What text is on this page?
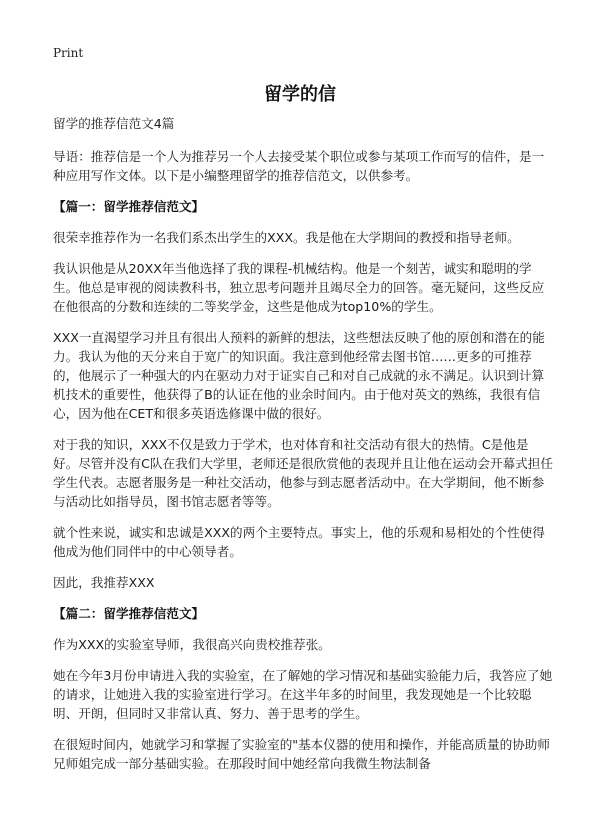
Print
留学的信

留学的推荐信范文4篇

导语：推荐信是一个人为推荐另一个人去接受某个职位或参与某项工作而写的信件，是一种应用写作文体。以下是小编整理留学的推荐信范文，以供参考。

【篇一：留学推荐信范文】

很荣幸推荐作为一名我们系杰出学生的XXX。我是他在大学期间的教授和指导老师。

我认识他是从20XX年当他选择了我的课程-机械结构。他是一个刻苦，诚实和聪明的学生。他总是审视的阅读教科书，独立思考问题并且竭尽全力的回答。毫无疑问，这些反应在他很高的分数和连续的二等奖学金，这些是他成为top10%的学生。

XXX一直渴望学习并且有很出人预料的新鲜的想法，这些想法反映了他的原创和潜在的能力。我认为他的天分来自于宽广的知识面。我注意到他经常去图书馆……更多的可推荐的，他展示了一种强大的内在驱动力对于证实自己和对自己成就的永不满足。认识到计算机技术的重要性，他获得了B的认证在他的业余时间内。由于他对英文的熟练，我很有信心，因为他在CET和很多英语选修课中做的很好。

对于我的知识，XXX不仅是致力于学术，也对体育和社交活动有很大的热情。C是他是好。尽管并没有C队在我们大学里，老师还是很欣赏他的表现并且让他在运动会开幕式担任学生代表。志愿者服务是一种社交活动，他参与到志愿者活动中。在大学期间，他不断参与活动比如指导员，图书馆志愿者等等。

就个性来说，诚实和忠诚是XXX的两个主要特点。事实上，他的乐观和易相处的个性使得他成为他们同伴中的中心领导者。

因此，我推荐XXX

【篇二：留学推荐信范文】

作为XXX的实验室导师，我很高兴向贵校推荐张。

她在今年3月份申请进入我的实验室，在了解她的学习情况和基础实验能力后，我答应了她的请求，让她进入我的实验室进行学习。在这半年多的时间里，我发现她是一个比较聪明、开朗，但同时又非常认真、努力、善于思考的学生。

在很短时间内，她就学习和掌握了实验室的"基本仪器的使用和操作，并能高质量的协助师兄师姐完成一部分基础实验。在那段时间中她经常向我微生物法制备
